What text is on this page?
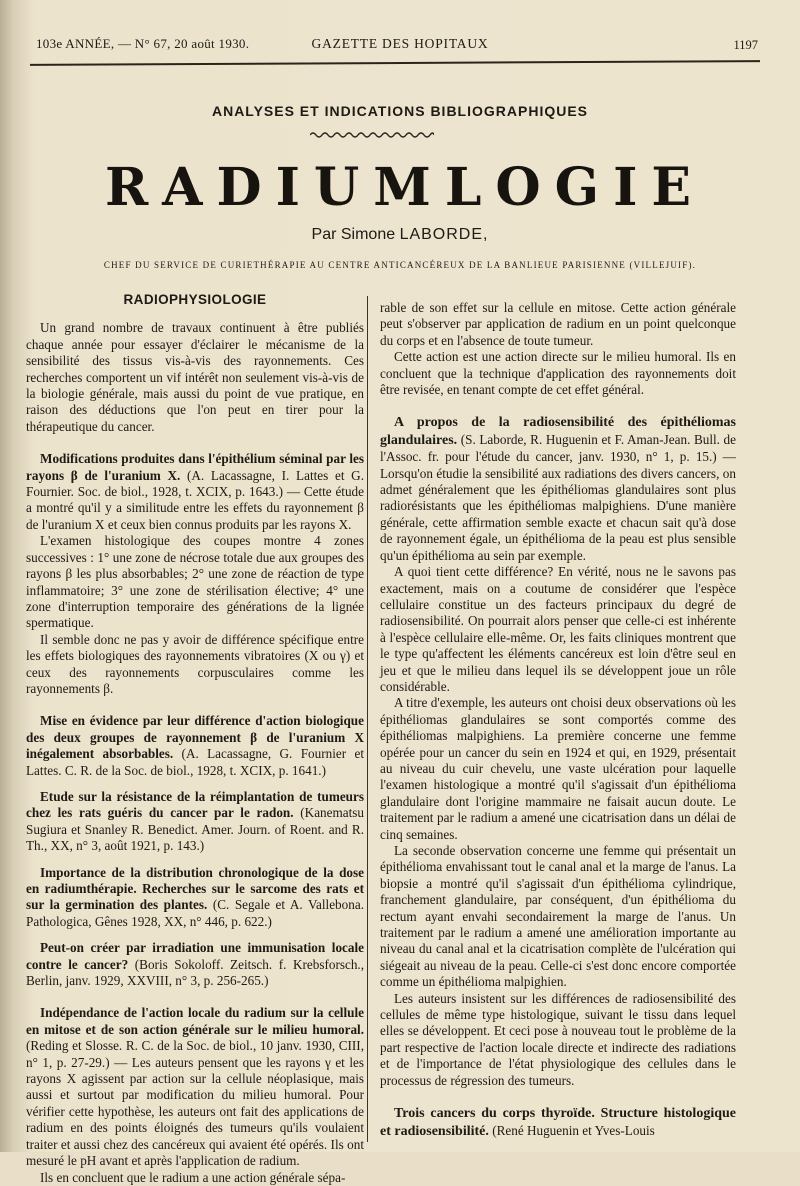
103e ANNÉE, — N° 67, 20 août 1930.	GAZETTE DES HOPITAUX	1197
ANALYSES ET INDICATIONS BIBLIOGRAPHIQUES
RADIUMLOGIE
Par Simone LABORDE,
CHEF DU SERVICE DE CURIETHÉRAPIE AU CENTRE ANTICANCÉREUX DE LA BANLIEUE PARISIENNE (VILLEJUIF).
RADIOPHYSIOLOGIE

Un grand nombre de travaux continuent à être publiés chaque année pour essayer d'éclairer le mécanisme de la sensibilité des tissus vis-à-vis des rayonnements. Ces recherches comportent un vif intérêt non seulement vis-à-vis de la biologie générale, mais aussi du point de vue pratique, en raison des déductions que l'on peut en tirer pour la thérapeutique du cancer.

Modifications produites dans l'épithélium séminal par les rayons β de l'uranium X. (A. Lacassagne, I. Lattes et G. Fournier. Soc. de biol., 1928, t. XCIX, p. 1643.) — Cette étude a montré qu'il y a similitude entre les effets du rayonnement β de l'uranium X et ceux bien connus produits par les rayons X.

L'examen histologique des coupes montre 4 zones successives : 1° une zone de nécrose totale due aux groupes des rayons β les plus absorbables; 2° une zone de réaction de type inflammatoire; 3° une zone de stérilisation élective; 4° une zone d'interruption temporaire des générations de la lignée spermatique.

Il semble donc ne pas y avoir de différence spécifique entre les effets biologiques des rayonnements vibratoires (X ou γ) et ceux des rayonnements corpusculaires comme les rayonnements β.

Mise en évidence par leur différence d'action biologique des deux groupes de rayonnement β de l'uranium X inégalement absorbables. (A. Lacassagne, G. Fournier et Lattes. C. R. de la Soc. de biol., 1928, t. XCIX, p. 1641.)

Etude sur la résistance de la réimplantation de tumeurs chez les rats guéris du cancer par le radon. (Kanematsu Sugiura et Snanley R. Benedict. Amer. Journ. of Roent. and R. Th., XX, n° 3, août 1921, p. 143.)

Importance de la distribution chronologique de la dose en radiumthérapie. Recherches sur le sarcome des rats et sur la germination des plantes. (C. Segale et A. Vallebona. Pathologica, Gênes 1928, XX, n° 446, p. 622.)

Peut-on créer par irradiation une immunisation locale contre le cancer? (Boris Sokoloff. Zeitsch. f. Krebsforsch., Berlin, janv. 1929, XXVIII, n° 3, p. 256-265.)

Indépendance de l'action locale du radium sur la cellule en mitose et de son action générale sur le milieu humoral. (Reding et Slosse. R. C. de la Soc. de biol., 10 janv. 1930, CIII, n° 1, p. 27-29.) — Les auteurs pensent que les rayons γ et les rayons X agissent par action sur la cellule néoplasique, mais aussi et surtout par modification du milieu humoral. Pour vérifier cette hypothèse, les auteurs ont fait des applications de radium en des points éloignés des tumeurs qu'ils voulaient traiter et aussi chez des cancéreux qui avaient été opérés. Ils ont mesuré le pH avant et après l'application de radium.

Ils en concluent que le radium a une action générale sépa-

rable de son effet sur la cellule en mitose. Cette action générale peut s'observer par application de radium en un point quelconque du corps et en l'absence de toute tumeur.

Cette action est une action directe sur le milieu humoral. Ils en concluent que la technique d'application des rayonnements doit être revisée, en tenant compte de cet effet général.

A propos de la radiosensibilité des épithéliomas glandulaires. (S. Laborde, R. Huguenin et F. Aman-Jean. Bull. de l'Assoc. fr. pour l'étude du cancer, janv. 1930, n° 1, p. 15.) — Lorsqu'on étudie la sensibilité aux radiations des divers cancers, on admet généralement que les épithéliomas glandulaires sont plus radiorésistants que les épithéliomas malpighiens. D'une manière générale, cette affirmation semble exacte et chacun sait qu'à dose de rayonnement égale, un épithélioma de la peau est plus sensible qu'un épithélioma au sein par exemple.

A quoi tient cette différence? En vérité, nous ne le savons pas exactement, mais on a coutume de considérer que l'espèce cellulaire constitue un des facteurs principaux du degré de radiosensibilité. On pourrait alors penser que celle-ci est inhérente à l'espèce cellulaire elle-même. Or, les faits cliniques montrent que le type qu'affectent les éléments cancéreux est loin d'être seul en jeu et que le milieu dans lequel ils se développent joue un rôle considérable.

A titre d'exemple, les auteurs ont choisi deux observations où les épithéliomas glandulaires se sont comportés comme des épithéliomas malpighiens. La première concerne une femme opérée pour un cancer du sein en 1924 et qui, en 1929, présentait au niveau du cuir chevelu, une vaste ulcération pour laquelle l'examen histologique a montré qu'il s'agissait d'un épithélioma glandulaire dont l'origine mammaire ne faisait aucun doute. Le traitement par le radium a amené une cicatrisation dans un délai de cinq semaines.

La seconde observation concerne une femme qui présentait un épithélioma envahissant tout le canal anal et la marge de l'anus. La biopsie a montré qu'il s'agissait d'un épithélioma cylindrique, franchement glandulaire, par conséquent, d'un épithélioma du rectum ayant envahi secondairement la marge de l'anus. Un traitement par le radium a amené une amélioration importante au niveau du canal anal et la cicatrisation complète de l'ulcération qui siégeait au niveau de la peau. Celle-ci s'est donc encore comportée comme un épithélioma malpighien.

Les auteurs insistent sur les différences de radiosensibilité des cellules de même type histologique, suivant le tissu dans lequel elles se développent. Et ceci pose à nouveau tout le problème de la part respective de l'action locale directe et indirecte des radiations et de l'importance de l'état physiologique des cellules dans le processus de régression des tumeurs.

Trois cancers du corps thyroïde. Structure histologique et radiosensibilité. (René Huguenin et Yves-Louis
